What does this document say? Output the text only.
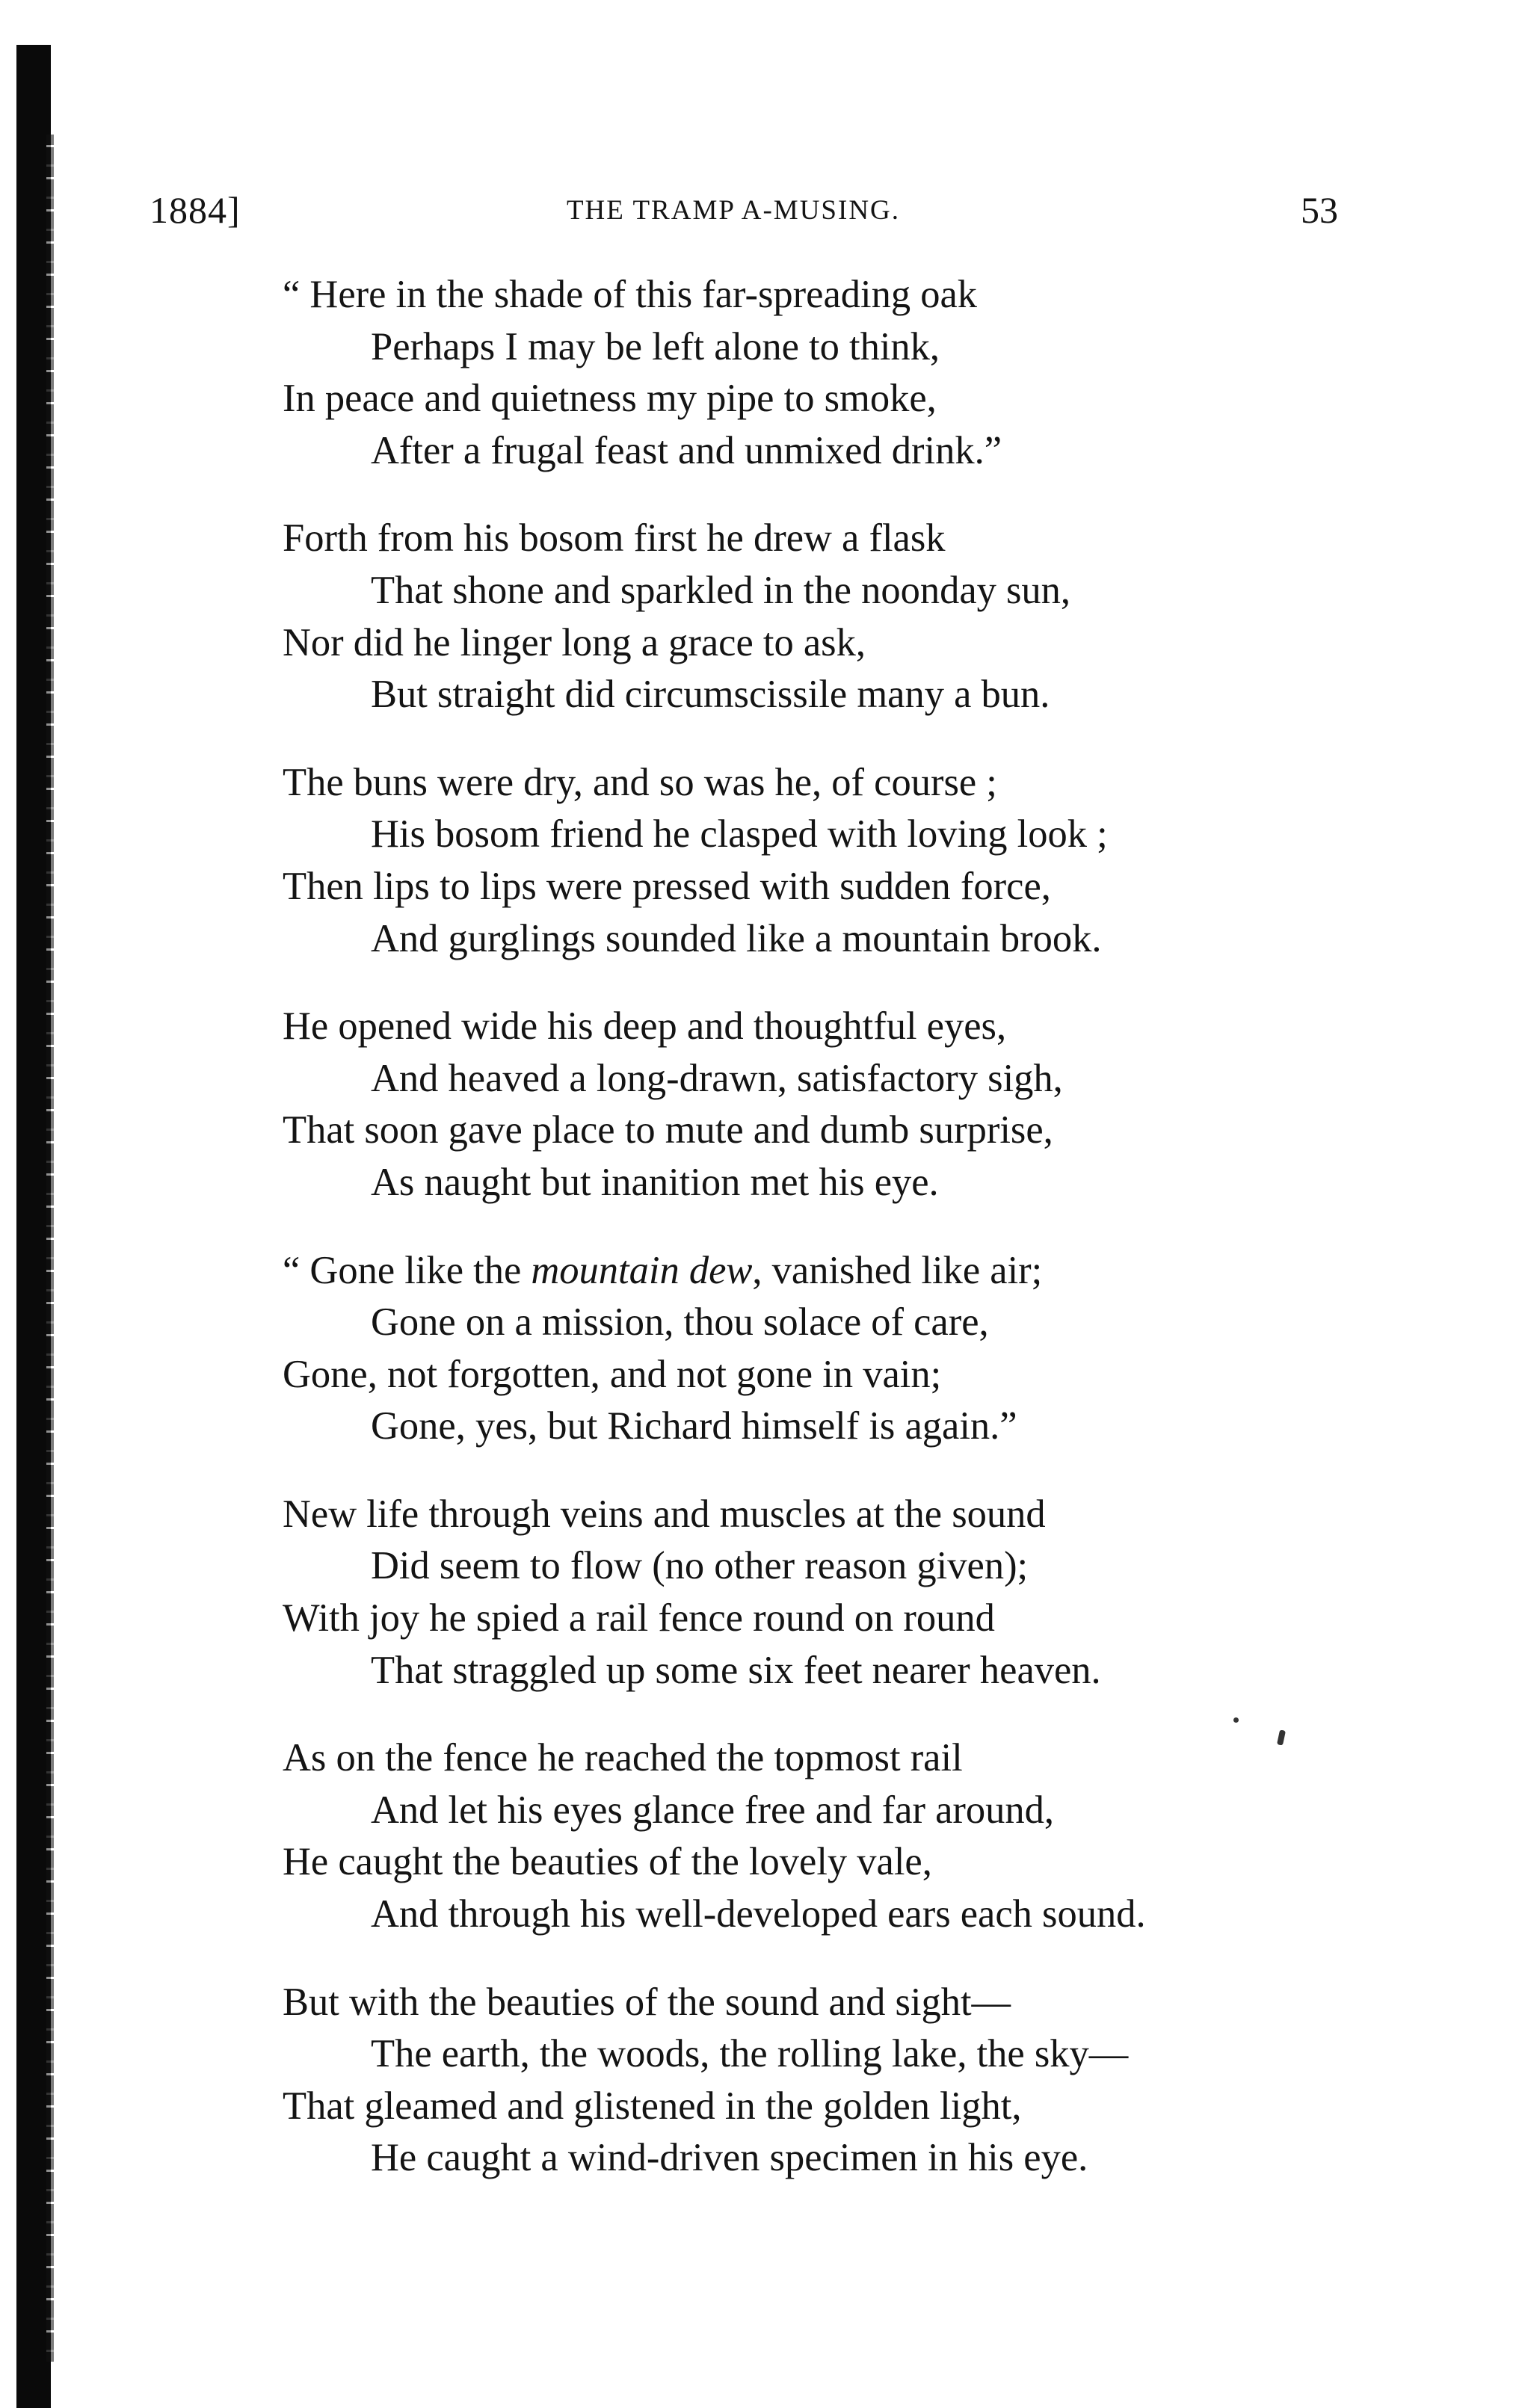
1884]	THE TRAMP A-MUSING.	53
“ Here in the shade of this far-spreading oak
Perhaps I may be left alone to think,
In peace and quietness my pipe to smoke,
After a frugal feast and unmixed drink.”
Forth from his bosom first he drew a flask
That shone and sparkled in the noonday sun,
Nor did he linger long a grace to ask,
But straight did circumscissile many a bun.
The buns were dry, and so was he, of course ;
His bosom friend he clasped with loving look ;
Then lips to lips were pressed with sudden force,
And gurglings sounded like a mountain brook.
He opened wide his deep and thoughtful eyes,
And heaved a long-drawn, satisfactory sigh,
That soon gave place to mute and dumb surprise,
As naught but inanition met his eye.
“ Gone like the mountain dew, vanished like air;
Gone on a mission, thou solace of care,
Gone, not forgotten, and not gone in vain;
Gone, yes, but Richard himself is again.”
New life through veins and muscles at the sound
Did seem to flow (no other reason given);
With joy he spied a rail fence round on round
That straggled up some six feet nearer heaven.
As on the fence he reached the topmost rail
And let his eyes glance free and far around,
He caught the beauties of the lovely vale,
And through his well-developed ears each sound.
But with the beauties of the sound and sight—
The earth, the woods, the rolling lake, the sky—
That gleamed and glistened in the golden light,
He caught a wind-driven specimen in his eye.
